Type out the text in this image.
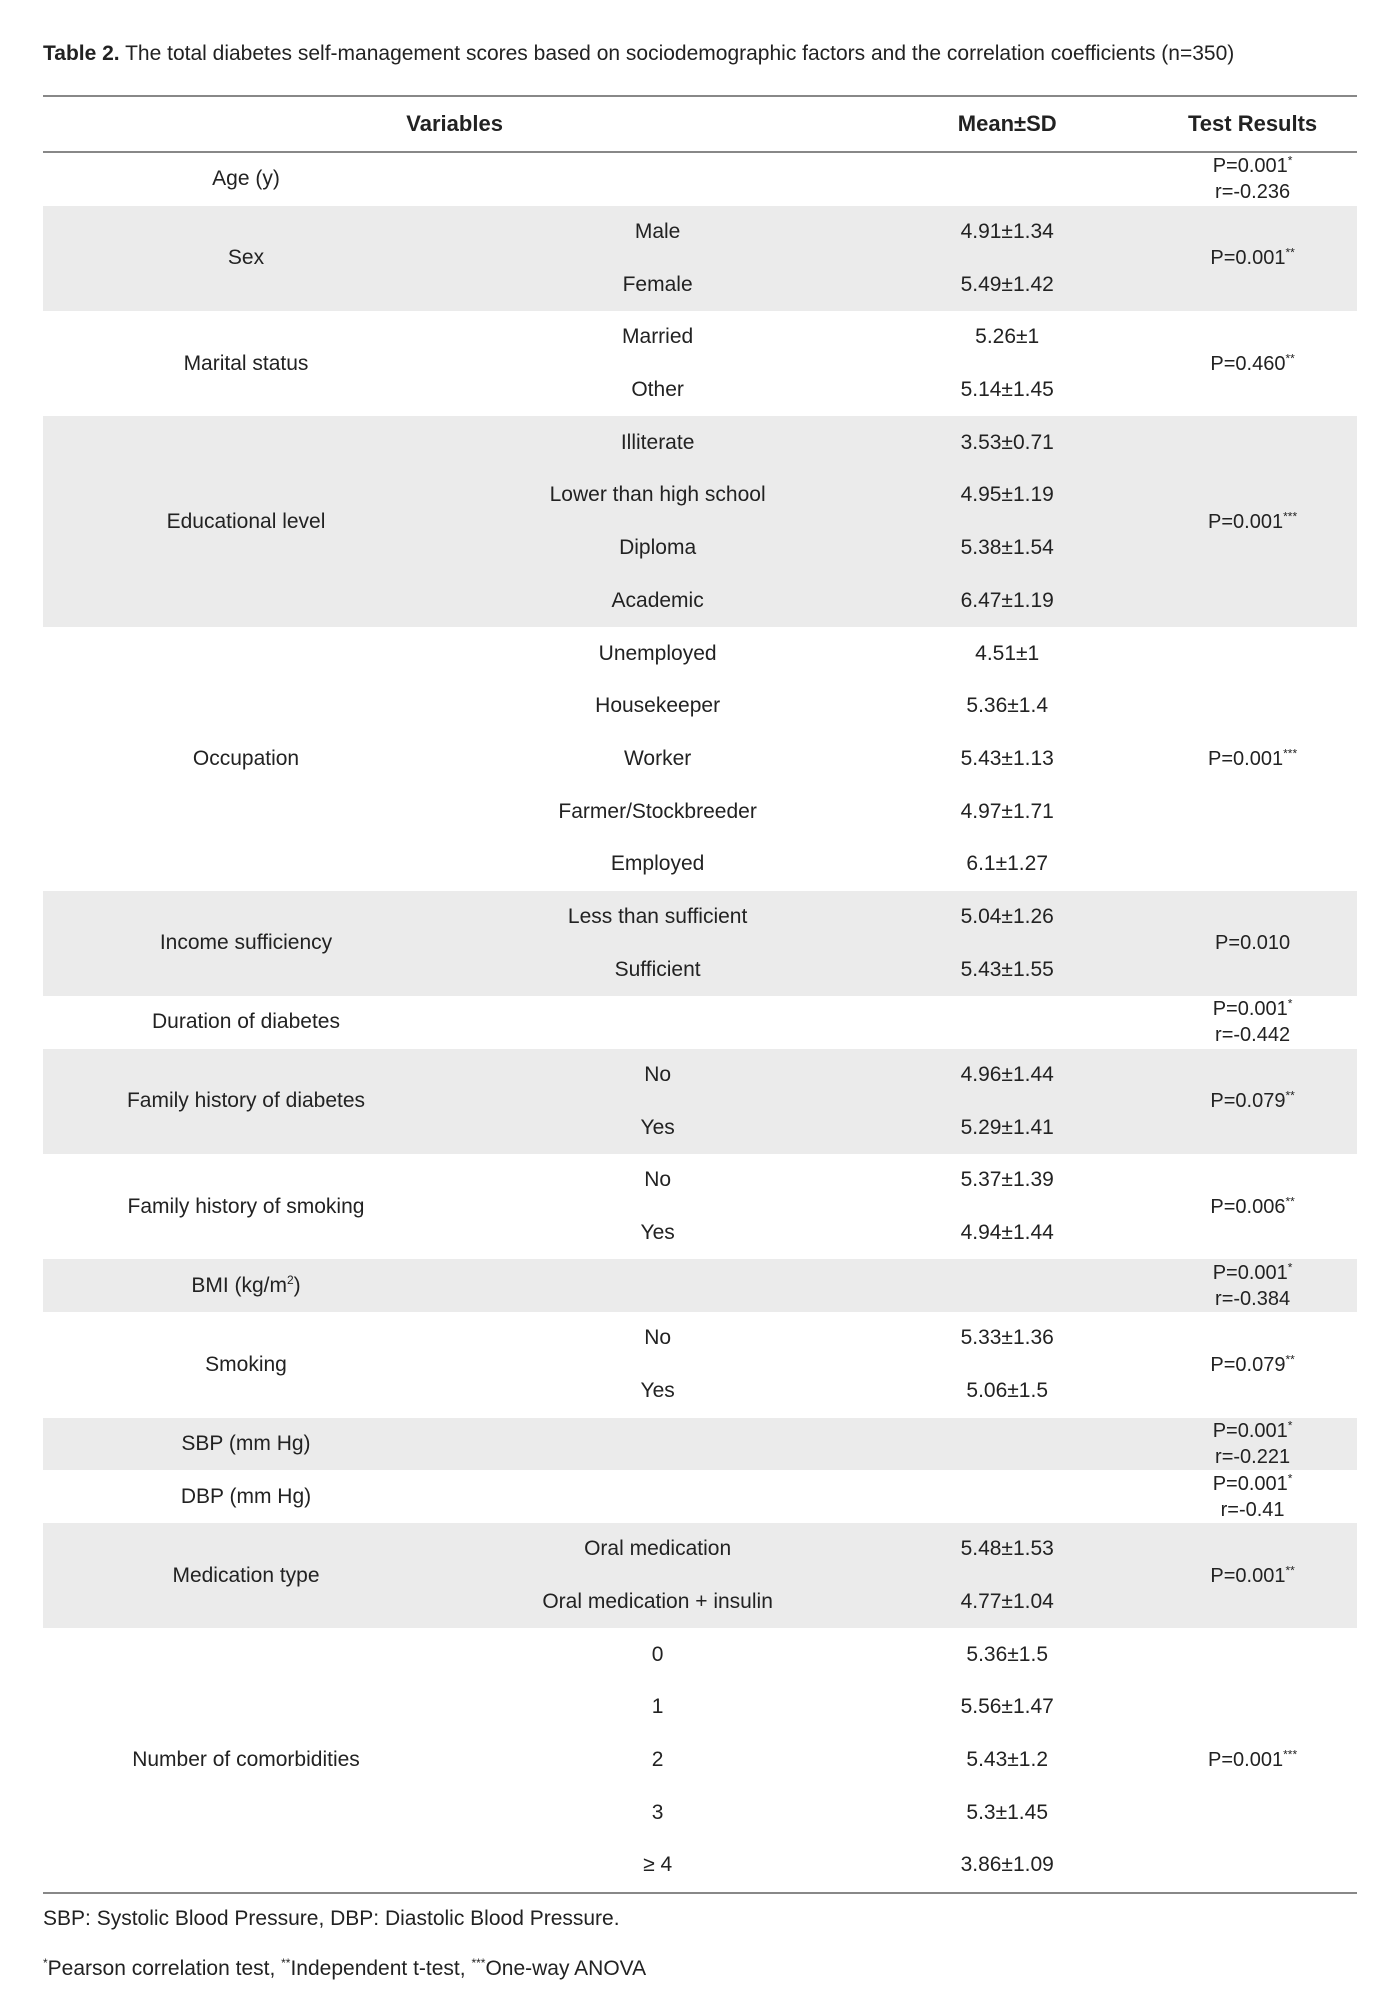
Table 2. The total diabetes self-management scores based on sociodemographic factors and the correlation coefficients (n=350)
Variables		Mean±SD	Test Results
Age (y)			P=0.001*
r=-0.236

Sex	Male	4.91±1.34	P=0.001**

	Female	5.49±1.42	
Marital status	Married	5.26±1	P=0.460**

	Other	5.14±1.45	
Educational level	Illiterate	3.53±0.71	P=0.001***

	Lower than high school	4.95±1.19	
	Diploma	5.38±1.54	
	Academic	6.47±1.19	
Occupation	Unemployed	4.51±1	P=0.001***

	Housekeeper	5.36±1.4	
	Worker	5.43±1.13	
	Farmer/Stockbreeder	4.97±1.71	
	Employed	6.1±1.27	
Income sufficiency	Less than sufficient	5.04±1.26	P=0.010

	Sufficient	5.43±1.55	
Duration of diabetes			P=0.001*
r=-0.442

Family history of diabetes	No	4.96±1.44	P=0.079**

	Yes	5.29±1.41	
Family history of smoking	No	5.37±1.39	P=0.006**

	Yes	4.94±1.44	
BMI $(kg/m^2)$			P=0.001*
r=-0.384

Smoking	No	5.33±1.36	P=0.079**

	Yes	5.06±1.5	
SBP (mm Hg)			P=0.001*
r=-0.221

DBP (mm Hg)			P=0.001*
r=-0.41

Medication type	Oral medication	5.48±1.53	P=0.001**

	Oral medication + insulin	4.77±1.04	
Number of comorbidities	0	5.36±1.5	P=0.001***

	1	5.56±1.47	
	2	5.43±1.2	
	3	5.3±1.45	
	≥ 4	3.86±1.09	
SBP: Systolic Blood Pressure, DBP: Diastolic Blood Pressure.
*Pearson correlation test, **Independent t-test, ***One-way ANOVA
